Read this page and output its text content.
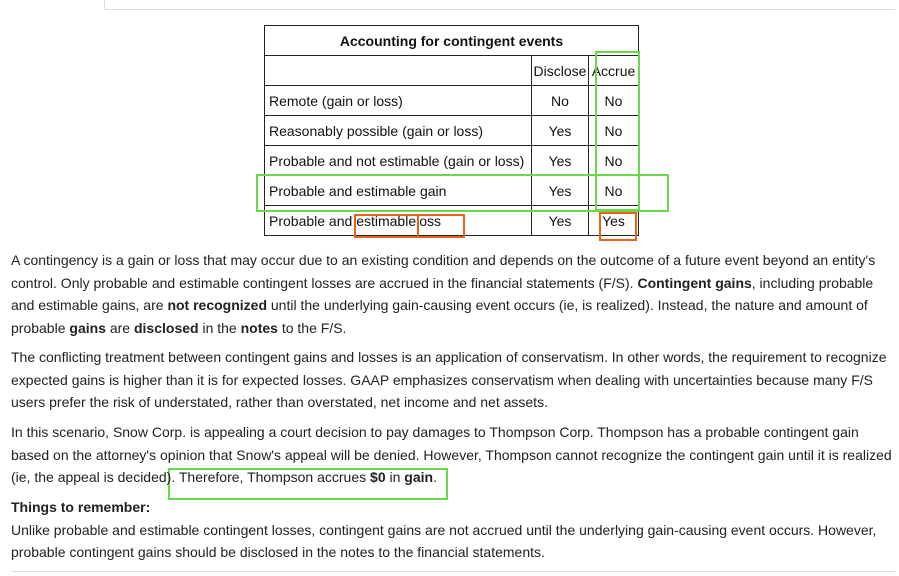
Accounting for contingent events		
	Disclose	Accrue
Remote (gain or loss)	No	No
Reasonably possible (gain or loss)	Yes	No
Probable and not estimable (gain or loss)	Yes	No
Probable and estimable gain	Yes	No
Probable and estimableloss	Yes	Yes

A contingency is a gain or loss that may occur due to an existing condition and depends on the outcome of a future event beyond an entity's control. Only probable and estimable contingent losses are accrued in the financial statements (F/S). Contingent gains, including probable and estimable gains, are not recognized until the underlying gain-causing event occurs (ie, is realized). Instead, the nature and amount of probable gains are disclosed in the notes to the F/S.

The conflicting treatment between contingent gains and losses is an application of conservatism. In other words, the requirement to recognize expected gains is higher than it is for expected losses. GAAP emphasizes conservatism when dealing with uncertainties because many F/S users prefer the risk of understated, rather than overstated, net income and net assets.

In this scenario, Snow Corp. is appealing a court decision to pay damages to Thompson Corp. Thompson has a probable contingent gain based on the attorney's opinion that Snow's appeal will be denied. However, Thompson cannot recognize the contingent gain until it is realized (ie, the appeal is decided). Therefore, Thompson accrues $0 in gain.

Things to remember:

Unlike probable and estimable contingent losses, contingent gains are not accrued until the underlying gain-causing event occurs. However, probable contingent gains should be disclosed in the notes to the financial statements.
